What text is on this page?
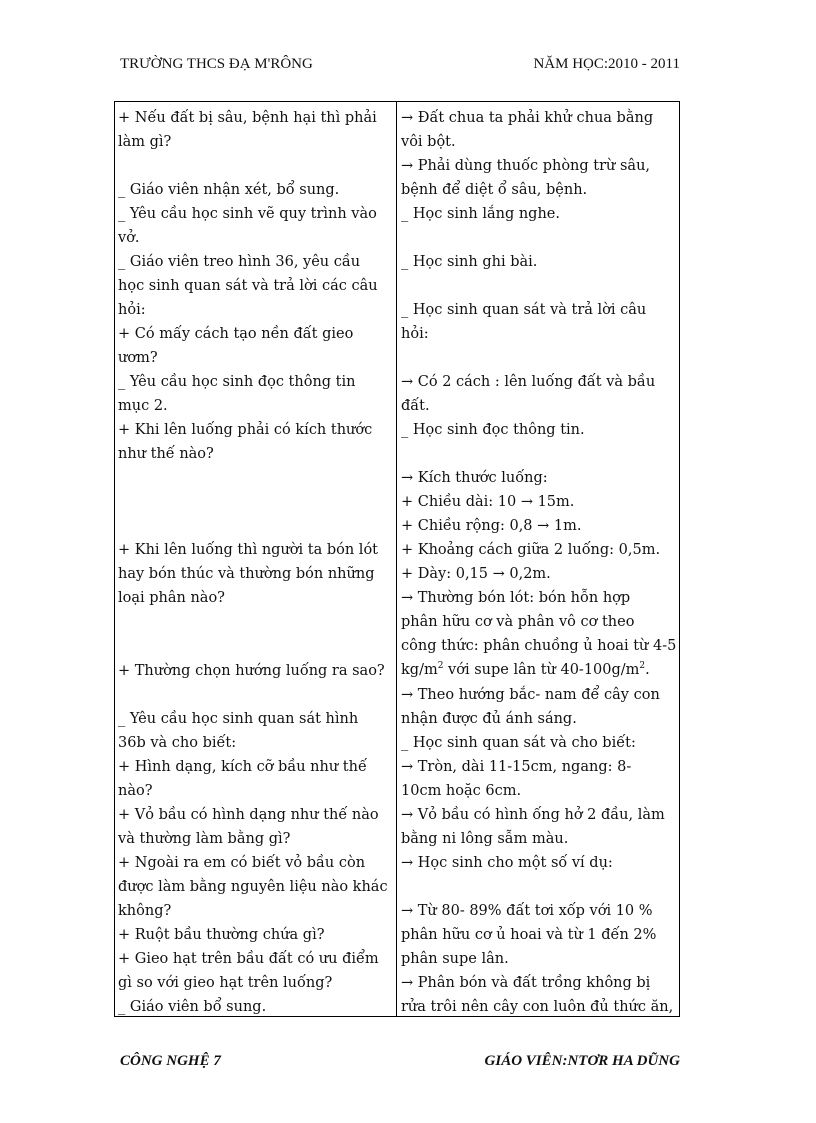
TRƯỜNG THCS ĐẠ M'RÔNG	NĂM HỌC:2010 - 2011
+ Nếu đất bị sâu, bệnh hại thì phải
làm gì?
_ Giáo viên nhận xét, bổ sung.
_ Yêu cầu học sinh vẽ quy trình vào
vở.
_ Giáo viên treo hình 36, yêu cầu
học sinh quan sát và trả lời các câu
hỏi:
+ Có mấy cách tạo nền đất gieo
ươm?
_ Yêu cầu học sinh đọc thông tin
mục 2.
+ Khi lên luống phải có kích thước
như thế nào?
+ Khi lên luống thì người ta bón lót
hay bón thúc và thường bón những
loại phân nào?
+ Thường chọn hướng luống ra sao?
_ Yêu cầu học sinh quan sát hình
36b và cho biết:
+ Hình dạng, kích cỡ bầu như thế
nào?
+ Vỏ bầu có hình dạng như thế nào
và thường làm bằng gì?
+ Ngoài ra em có biết vỏ bầu còn
được làm bằng nguyên liệu nào khác
không?
+ Ruột bầu thường chứa gì?
+ Gieo hạt trên bầu đất có ưu điểm
gì so với gieo hạt trên luống?
_ Giáo viên bổ sung.
→ Đất chua ta phải khử chua bằng
vôi bột.
→ Phải dùng thuốc phòng trừ sâu,
bệnh để diệt ổ sâu, bệnh.
_ Học sinh lắng nghe.
_ Học sinh ghi bài.
_ Học sinh quan sát và trả lời câu
hỏi:
→ Có 2 cách : lên luống đất và bầu
đất.
_ Học sinh đọc thông tin.
→ Kích thước luống:
+ Chiều dài: 10 → 15m.
+ Chiều rộng: 0,8 → 1m.
+ Khoảng cách giữa 2 luống: 0,5m.
+ Dày: 0,15 → 0,2m.
→ Thường bón lót: bón hỗn hợp
phân hữu cơ và phân vô cơ theo
công thức: phân chuồng ủ hoai từ 4-5
$kg/m^2$ với supe lân từ $40-100g/m^2$.
→ Theo hướng bắc- nam để cây con
nhận được đủ ánh sáng.
_ Học sinh quan sát và cho biết:
→ Tròn, dài 11-15cm, ngang: 8-
10cm hoặc 6cm.
→ Vỏ bầu có hình ống hở 2 đầu, làm
bằng ni lông sẫm màu.
→ Học sinh cho một số ví dụ:
→ Từ 80- 89% đất tơi xốp với 10 %
phân hữu cơ ủ hoai và từ 1 đến 2%
phân supe lân.
→ Phân bón và đất trồng không bị
rửa trôi nên cây con luôn đủ thức ăn,
CÔNG NGHỆ 7	GIÁO VIÊN:NTƠR HA DŨNG
